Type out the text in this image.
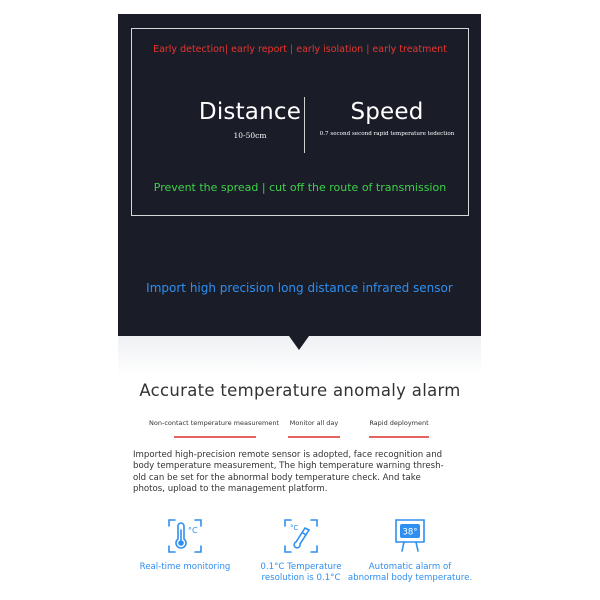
Early detection| early report | early isolation | early treatment
Distance
10-50cm
Speed
0.7 second second rapid temperature tedection
Prevent the spread | cut off the route of transmission
Import high precision long distance infrared sensor
Accurate temperature anomaly alarm
Non-contact temperature measurement	Monitor all day	Rapid deployment
Imported high-precision remote sensor is adopted, face recognition and
body temperature measurement, The high temperature warning thresh-
old can be set for the abnormal body temperature check. And take
photos, upload to the management platform.
°C
Real-time monitoring
°C
0.1°C Temperature
resolution is 0.1°C
38°
Automatic alarm of
abnormal body temperature.
